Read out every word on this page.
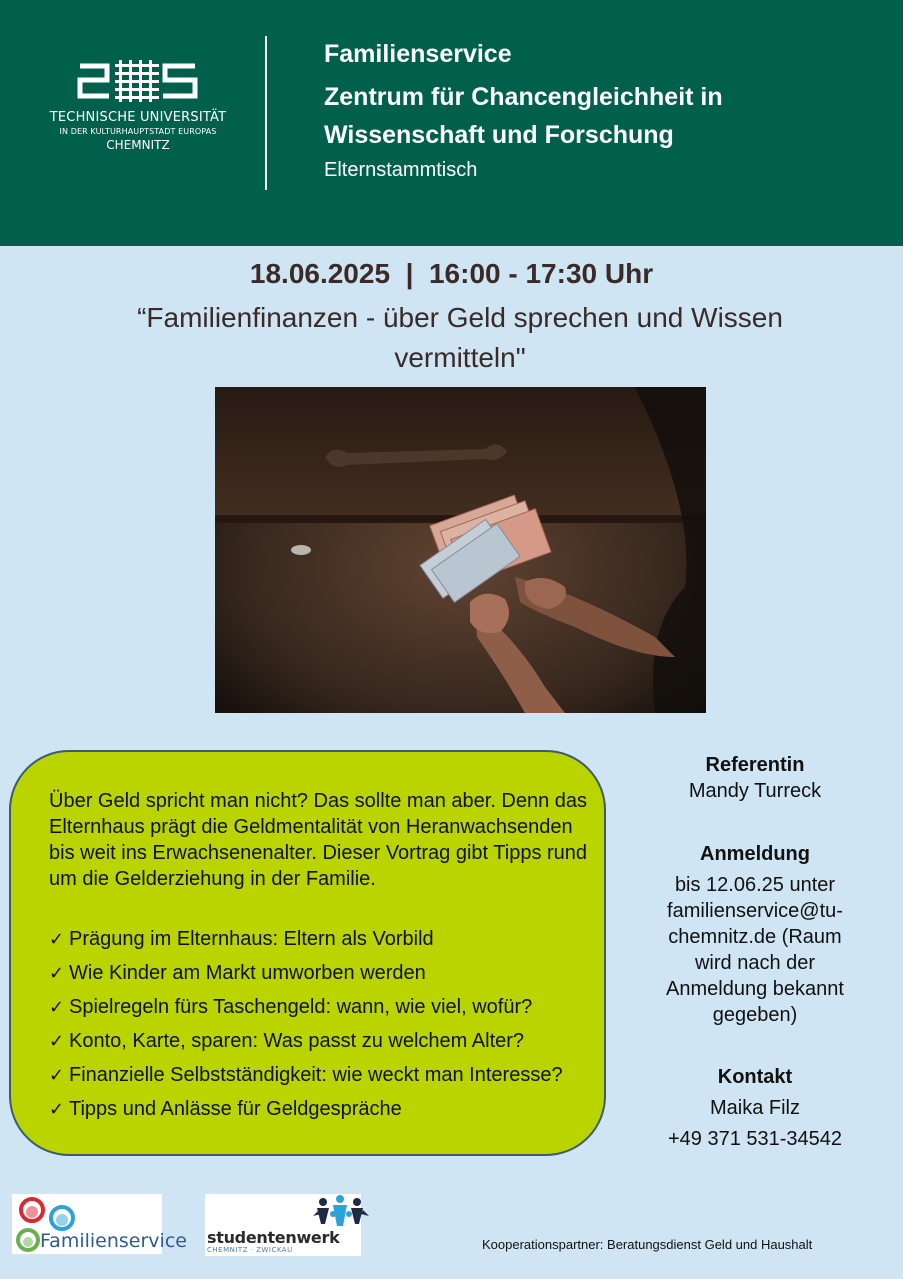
TECHNISCHE UNIVERSITÄT
IN DER KULTURHAUPTSTADT EUROPAS
CHEMNITZ
Familienservice
Zentrum für Chancengleichheit in Wissenschaft und Forschung
Elternstammtisch
18.06.2025  |  16:00 - 17:30 Uhr
“Familienfinanzen - über Geld sprechen und Wissen vermitteln"
Über Geld spricht man nicht? Das sollte man aber. Denn das Elternhaus prägt die Geldmentalität von Heranwachsenden bis weit ins Erwachsenenalter. Dieser Vortrag gibt Tipps rund um die Gelderziehung in der Familie.
✓ Prägung im Elternhaus: Eltern als Vorbild
✓ Wie Kinder am Markt umworben werden
✓ Spielregeln fürs Taschengeld: wann, wie viel, wofür?
✓ Konto, Karte, sparen: Was passt zu welchem Alter?
✓ Finanzielle Selbstständigkeit: wie weckt man Interesse?
✓ Tipps und Anlässe für Geldgespräche
Referentin

Mandy Turreck

Anmeldung

bis 12.06.25 unter

familienservice@tu-

chemnitz.de (Raum

wird nach der

Anmeldung bekannt

gegeben)

Kontakt

Maika Filz

+49 371 531-34542

Familienservice studentenwerk
CHEMNITZ · ZWICKAU	Kooperationspartner: Beratungsdienst Geld und Haushalt
